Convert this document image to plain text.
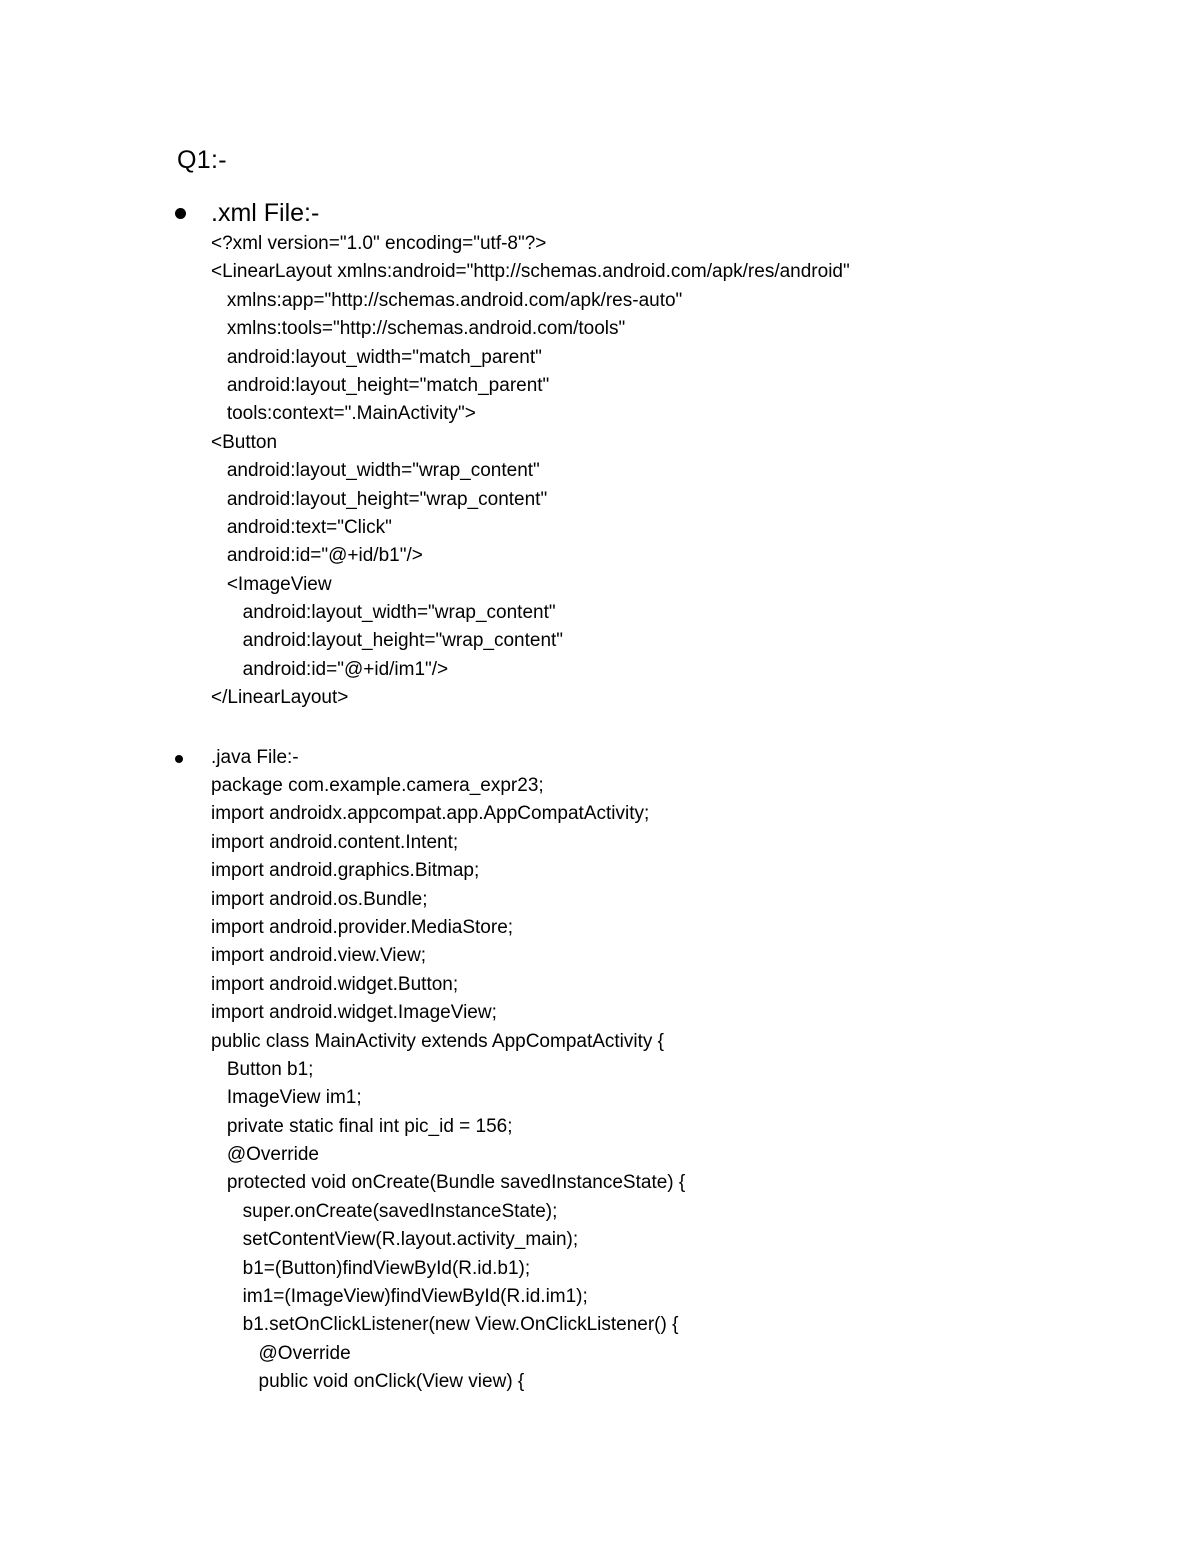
Q1:-
.xml File:-
<?xml version="1.0" encoding="utf-8"?>
<LinearLayout xmlns:android="http://schemas.android.com/apk/res/android"
xmlns:app="http://schemas.android.com/apk/res-auto"
xmlns:tools="http://schemas.android.com/tools"
android:layout_width="match_parent"
android:layout_height="match_parent"
tools:context=".MainActivity">
<Button
android:layout_width="wrap_content"
android:layout_height="wrap_content"
android:text="Click"
android:id="@+id/b1"/>
<ImageView
android:layout_width="wrap_content"
android:layout_height="wrap_content"
android:id="@+id/im1"/>
</LinearLayout>
.java File:-
package com.example.camera_expr23;
import androidx.appcompat.app.AppCompatActivity;
import android.content.Intent;
import android.graphics.Bitmap;
import android.os.Bundle;
import android.provider.MediaStore;
import android.view.View;
import android.widget.Button;
import android.widget.ImageView;
public class MainActivity extends AppCompatActivity {
Button b1;
ImageView im1;
private static final int pic_id = 156;
@Override
protected void onCreate(Bundle savedInstanceState) {
super.onCreate(savedInstanceState);
setContentView(R.layout.activity_main);
b1=(Button)findViewById(R.id.b1);
im1=(ImageView)findViewById(R.id.im1);
b1.setOnClickListener(new View.OnClickListener() {
@Override
public void onClick(View view) {
